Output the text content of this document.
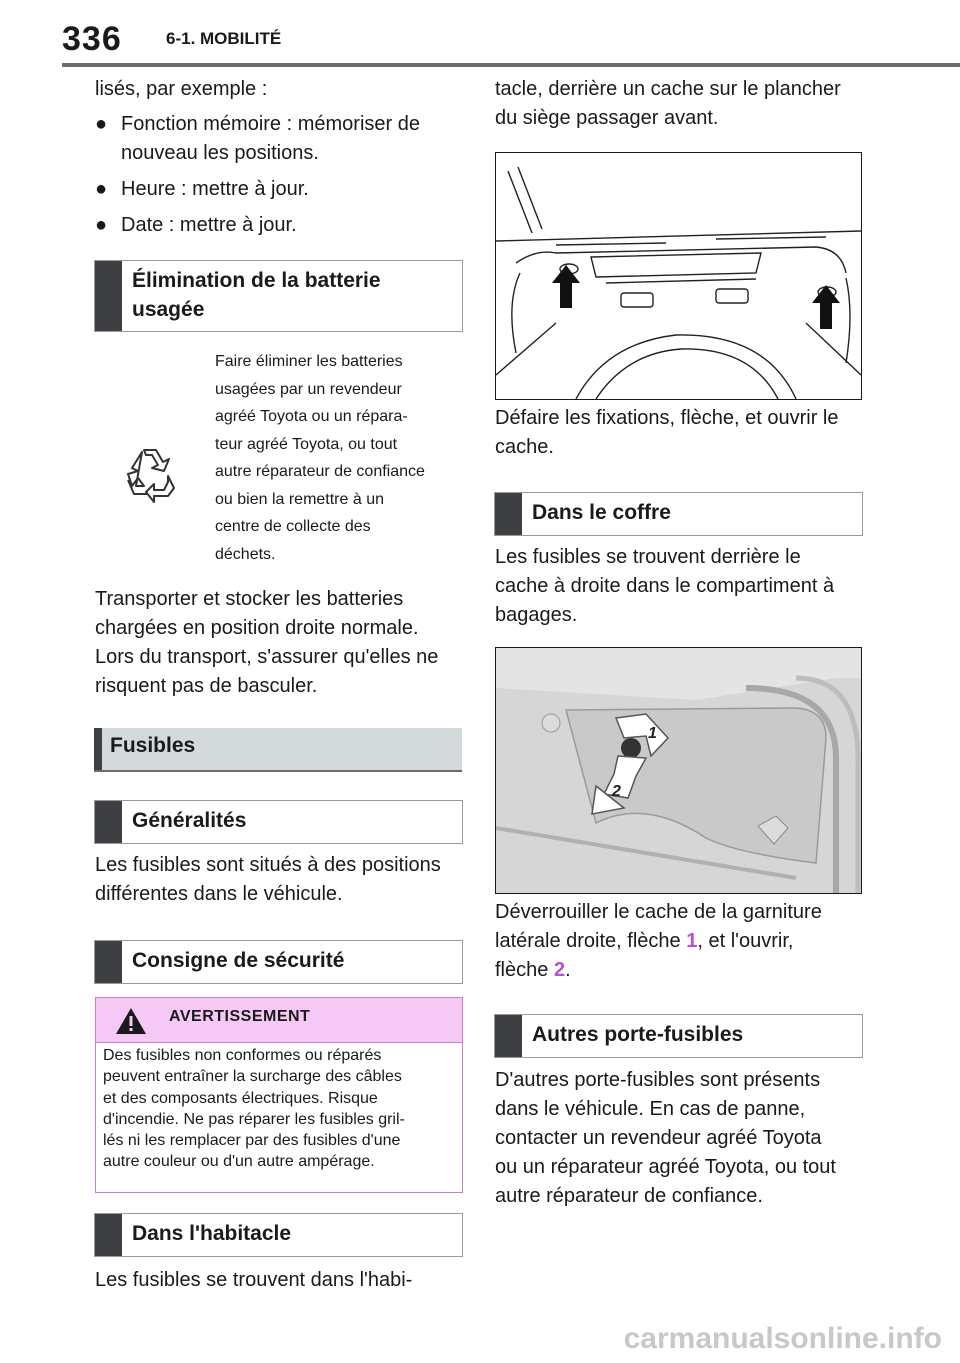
336	6-1. MOBILITÉ
lisés, par exemple :
● Fonction mémoire : mémoriser de
nouveau les positions.
● Heure : mettre à jour.
● Date : mettre à jour.
Élimination de la batterie
usagée
Faire éliminer les batteries
usagées par un revendeur
agréé Toyota ou un répara-
teur agréé Toyota, ou tout
autre réparateur de confiance
ou bien la remettre à un
centre de collecte des
déchets.
Transporter et stocker les batteries
chargées en position droite normale.
Lors du transport, s'assurer qu'elles ne
risquent pas de basculer.
Fusibles
Généralités
Les fusibles sont situés à des positions
différentes dans le véhicule.
Consigne de sécurité
AVERTISSEMENT
Des fusibles non conformes ou réparés
peuvent entraîner la surcharge des câbles
et des composants électriques. Risque
d'incendie. Ne pas réparer les fusibles gril-
lés ni les remplacer par des fusibles d'une
autre couleur ou d'un autre ampérage.
Dans l'habitacle
Les fusibles se trouvent dans l'habi-
tacle, derrière un cache sur le plancher
du siège passager avant.
Défaire les fixations, flèche, et ouvrir le
cache.
Dans le coffre
Les fusibles se trouvent derrière le
cache à droite dans le compartiment à
bagages.
1
2
Déverrouiller le cache de la garniture
latérale droite, flèche 1, et l'ouvrir,
flèche 2.
Autres porte-fusibles
D'autres porte-fusibles sont présents
dans le véhicule. En cas de panne,
contacter un revendeur agréé Toyota
ou un réparateur agréé Toyota, ou tout
autre réparateur de confiance.
carmanualsonline.info
